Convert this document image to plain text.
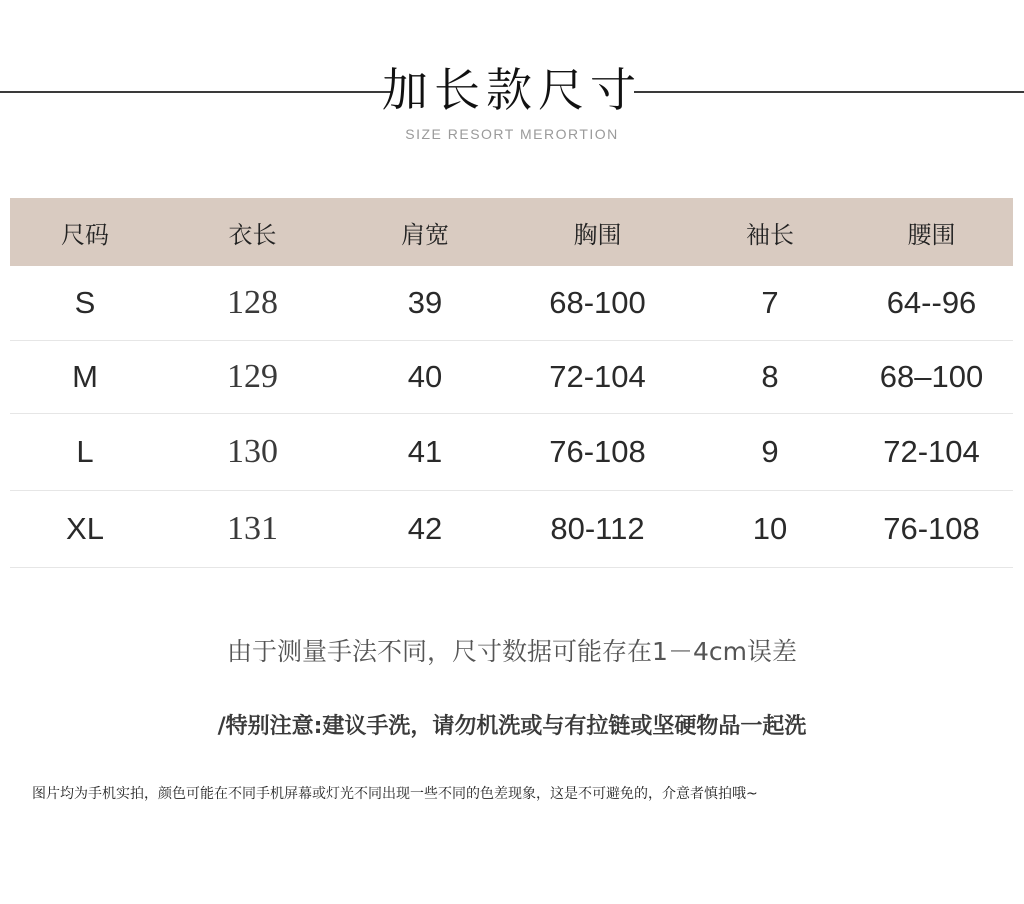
加长款尺寸
SIZE RESORT MERORTION
尺码	衣长	肩宽	胸围	袖长	腰围
S	128	39	68-100	7	64--96
M	129	40	72-104	8	68–100
L	130	41	76-108	9	72-104
XL	131	42	80-112	10	76-108
由于测量手法不同，尺寸数据可能存在1－4cm误差
/特别注意:建议手洗，请勿机洗或与有拉链或坚硬物品一起洗
图片均为手机实拍，颜色可能在不同手机屏幕或灯光不同出现一些不同的色差现象，这是不可避免的，介意者慎拍哦~
